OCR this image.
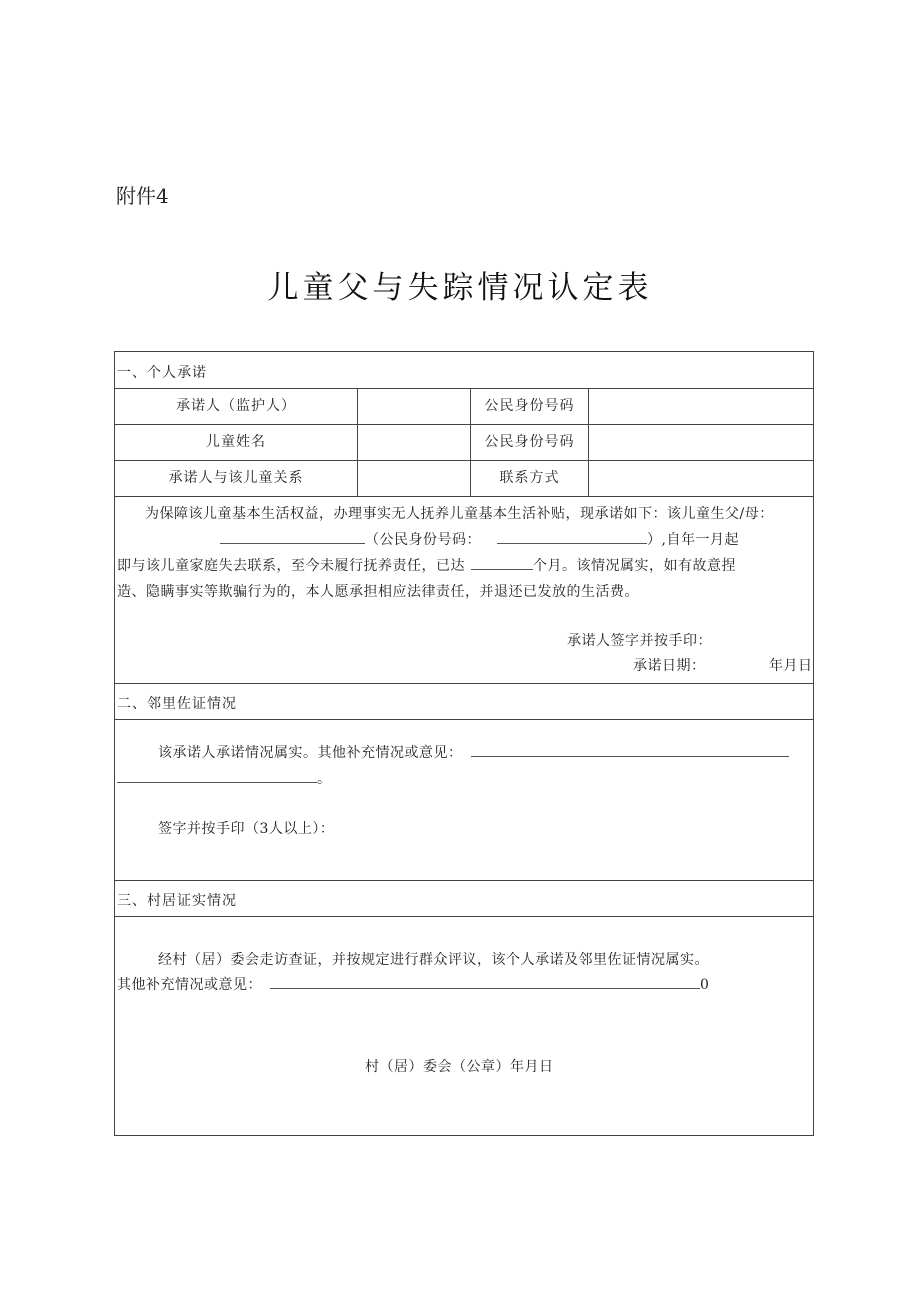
附件4
儿童父与失踪情况认定表
一、个人承诺
承诺人（监护人）	公民身份号码
儿童姓名	公民身份号码
承诺人与该儿童关系	联系方式
为保障该儿童基本生活权益，办理事实无人抚养儿童基本生活补贴，现承诺如下：该儿童生父/母：
（公民身份号码：	）,自年一月起
即与该儿童家庭失去联系，至今未履行抚养责任，已达	个月。该情况属实，如有故意捏
造、隐瞒事实等欺骗行为的，本人愿承担相应法律责任，并退还已发放的生活费。
承诺人签字并按手印：
承诺日期：	年月日
二、邻里佐证情况
该承诺人承诺情况属实。其他补充情况或意见：
。
签字并按手印（3人以上）：
三、村居证实情况
经村（居）委会走访查证，并按规定进行群众评议，该个人承诺及邻里佐证情况属实。
其他补充情况或意见：	0
村（居）委会（公章）年月日
